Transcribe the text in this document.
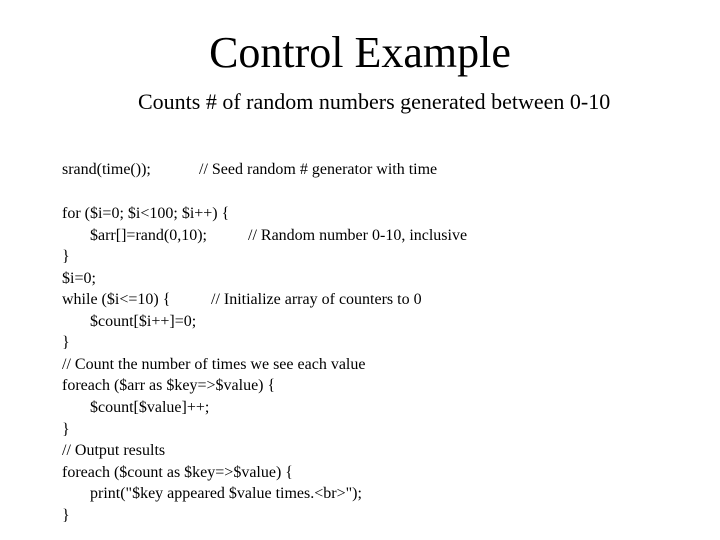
Control Example
Counts # of random numbers generated between 0-10
srand(time());	// Seed random # generator with time
for ($i=0; $i<100; $i++) {
$arr[]=rand(0,10);	// Random number 0-10, inclusive
}
$i=0;
while ($i<=10) {	// Initialize array of counters to 0
$count[$i++]=0;
}
// Count the number of times we see each value
foreach ($arr as $key=>$value) {
$count[$value]++;
}
// Output results
foreach ($count as $key=>$value) {
print("$key appeared $value times.<br>");
}
